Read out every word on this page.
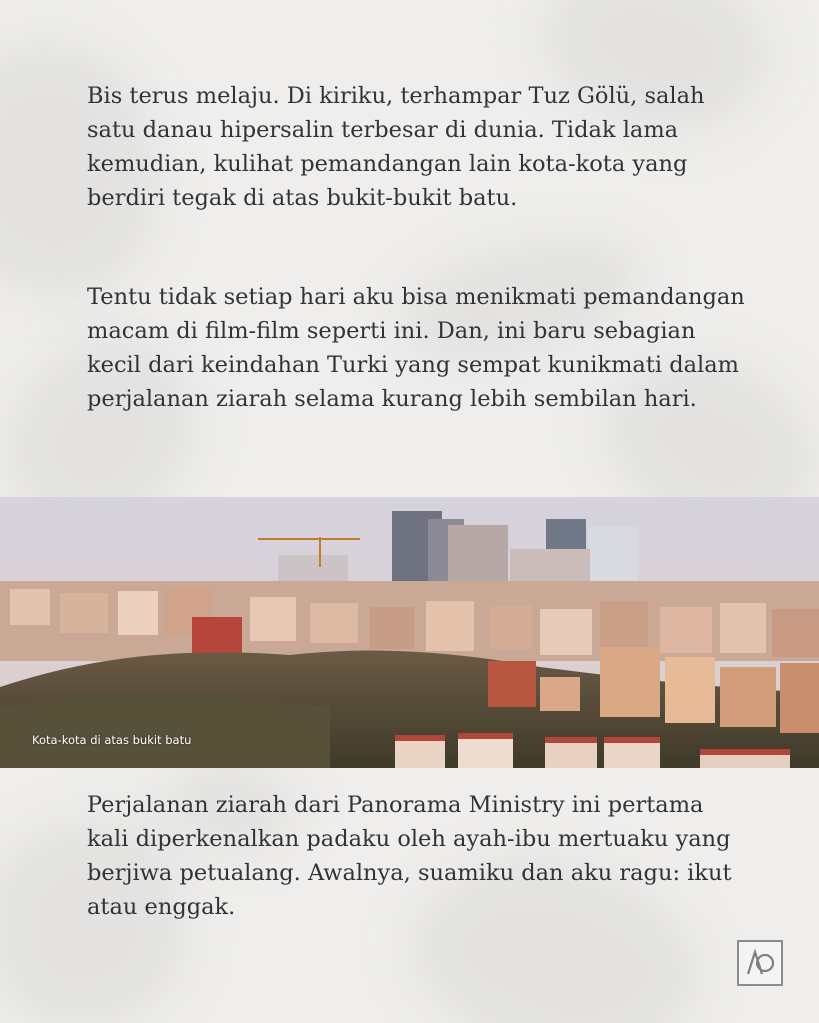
Bis terus melaju. Di kiriku, terhampar Tuz Gölü, salah satu danau hipersalin terbesar di dunia. Tidak lama kemudian, kulihat pemandangan lain kota-kota yang berdiri tegak di atas bukit-bukit batu.

Tentu tidak setiap hari aku bisa menikmati pemandangan macam di film-film seperti ini. Dan, ini baru sebagian kecil dari keindahan Turki yang sempat kunikmati dalam perjalanan ziarah selama kurang lebih sembilan hari.

Kota-kota di atas bukit batu

Perjalanan ziarah dari Panorama Ministry ini pertama kali diperkenalkan padaku oleh ayah-ibu mertuaku yang berjiwa petualang. Awalnya, suamiku dan aku ragu: ikut atau enggak.
